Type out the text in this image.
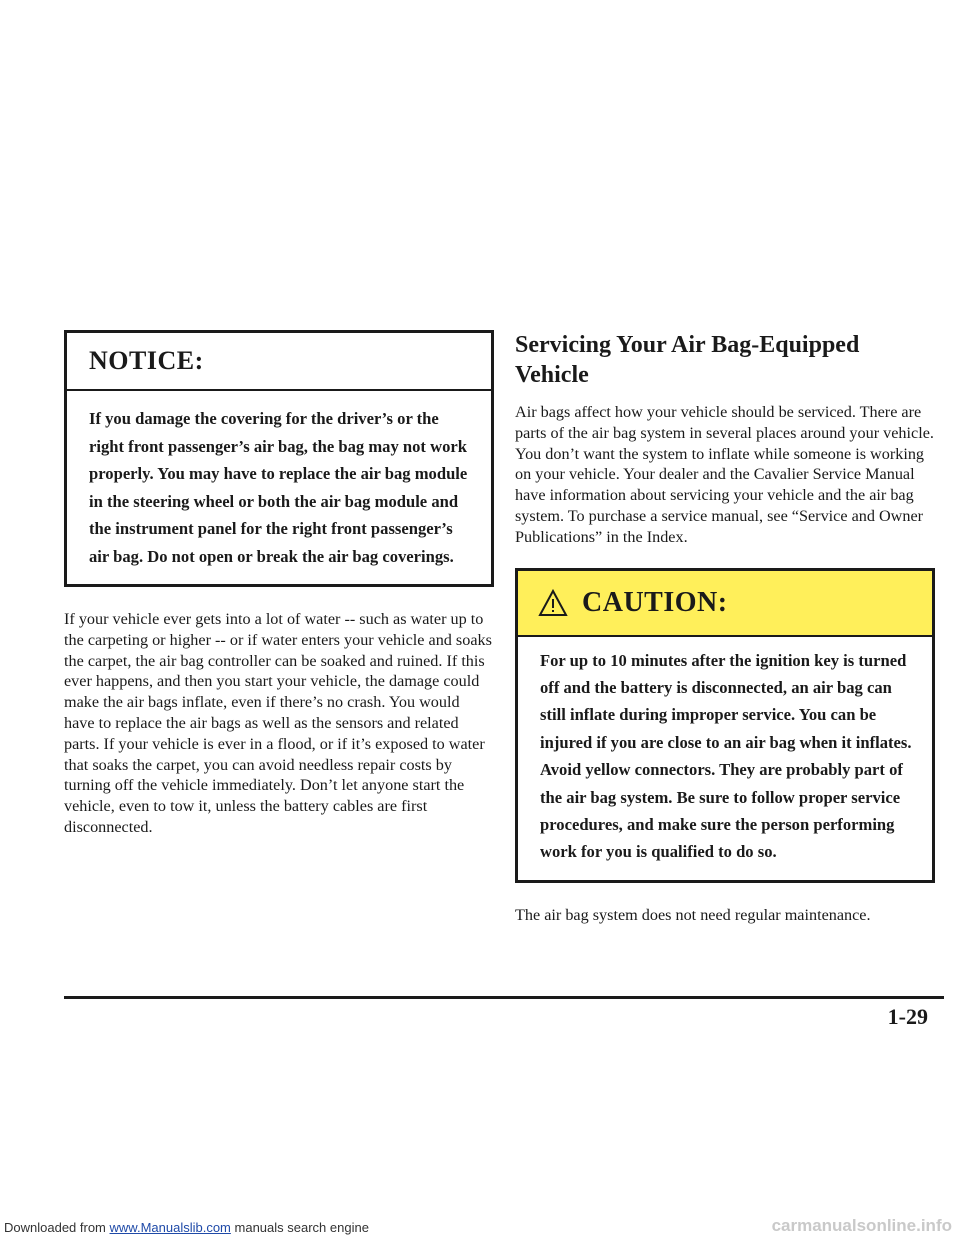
NOTICE:
If you damage the covering for the driver’s or the right front passenger’s air bag, the bag may not work properly. You may have to replace the air bag module in the steering wheel or both the air bag module and the instrument panel for the right front passenger’s air bag. Do not open or break the air bag coverings.

If your vehicle ever gets into a lot of water -- such as water up to the carpeting or higher -- or if water enters your vehicle and soaks the carpet, the air bag controller can be soaked and ruined. If this ever happens, and then you start your vehicle, the damage could make the air bags inflate, even if there’s no crash. You would have to replace the air bags as well as the sensors and related parts. If your vehicle is ever in a flood, or if it’s exposed to water that soaks the carpet, you can avoid needless repair costs by turning off the vehicle immediately. Don’t let anyone start the vehicle, even to tow it, unless the battery cables are first disconnected.

Servicing Your Air Bag-Equipped Vehicle

Air bags affect how your vehicle should be serviced. There are parts of the air bag system in several places around your vehicle. You don’t want the system to inflate while someone is working on your vehicle. Your dealer and the Cavalier Service Manual have information about servicing your vehicle and the air bag system. To purchase a service manual, see “Service and Owner Publications” in the Index.

CAUTION:
For up to 10 minutes after the ignition key is turned off and the battery is disconnected, an air bag can still inflate during improper service. You can be injured if you are close to an air bag when it inflates. Avoid yellow connectors. They are probably part of the air bag system. Be sure to follow proper service procedures, and make sure the person performing work for you is qualified to do so.

The air bag system does not need regular maintenance.

1-29
Downloaded from www.Manualslib.com manuals search engine	carmanualsonline.info
